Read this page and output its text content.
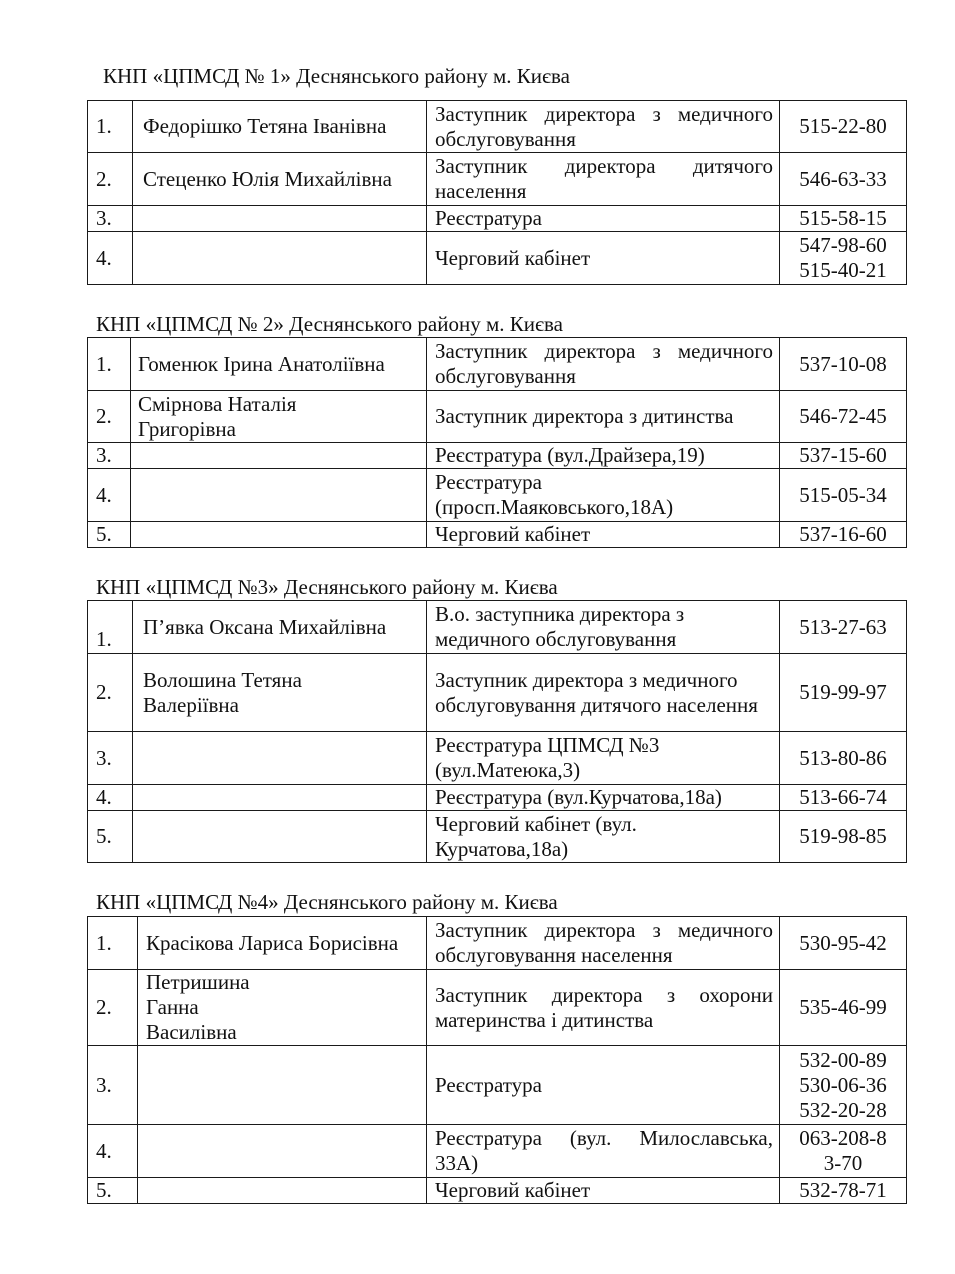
КНП «ЦПМСД № 1» Деснянського району м. Києва
1.	Федорішко Тетяна Іванівна	Заступник директора з медичного обслуговування	515-22-80

2.	Стеценко Юлія Михайлівна	Заступник директора дитячого населення	546-63-33

3.		Реєстратура	515-58-15

4.		Черговий кабінет	547-98-60
515-40-21
КНП «ЦПМСД № 2» Деснянського району м. Києва
1.	Гоменюк Ірина Анатоліївна	Заступник директора з медичного обслуговування	537-10-08

2.	Смірнова Наталія Григорівна	Заступник директора з дитинства	546-72-45

3.		Реєстратура (вул.Драйзера,19)	537-15-60

4.		Реєстратура (просп.Маяковського,18А)	515-05-34

5.		Черговий кабінет	537-16-60
КНП «ЦПМСД №3» Деснянського району м. Києва
1.	П’явка Оксана Михайлівна	В.о. заступника директора з медичного обслуговування	513-27-63

2.	Волошина Тетяна Валеріївна	Заступник директора з медичного обслуговування дитячого населення	519-99-97

3.		Реєстратура ЦПМСД №3 (вул.Матеюка,3)	513-80-86

4.		Реєстратура (вул.Курчатова,18а)	513-66-74

5.		Черговий кабінет (вул. Курчатова,18а)	519-98-85
КНП «ЦПМСД №4» Деснянського району м. Києва
1.	Красікова Лариса Борисівна	Заступник директора з медичного обслуговування населення	530-95-42

2.	Петришина Ганна Василівна	Заступник директора з охорони материнства і дитинства	535-46-99

3.		Реєстратура	532-00-89
530-06-36
532-20-28

4.		Реєстратура (вул. Милославська, 33А)	063-208-83-70

5.		Черговий кабінет	532-78-71
